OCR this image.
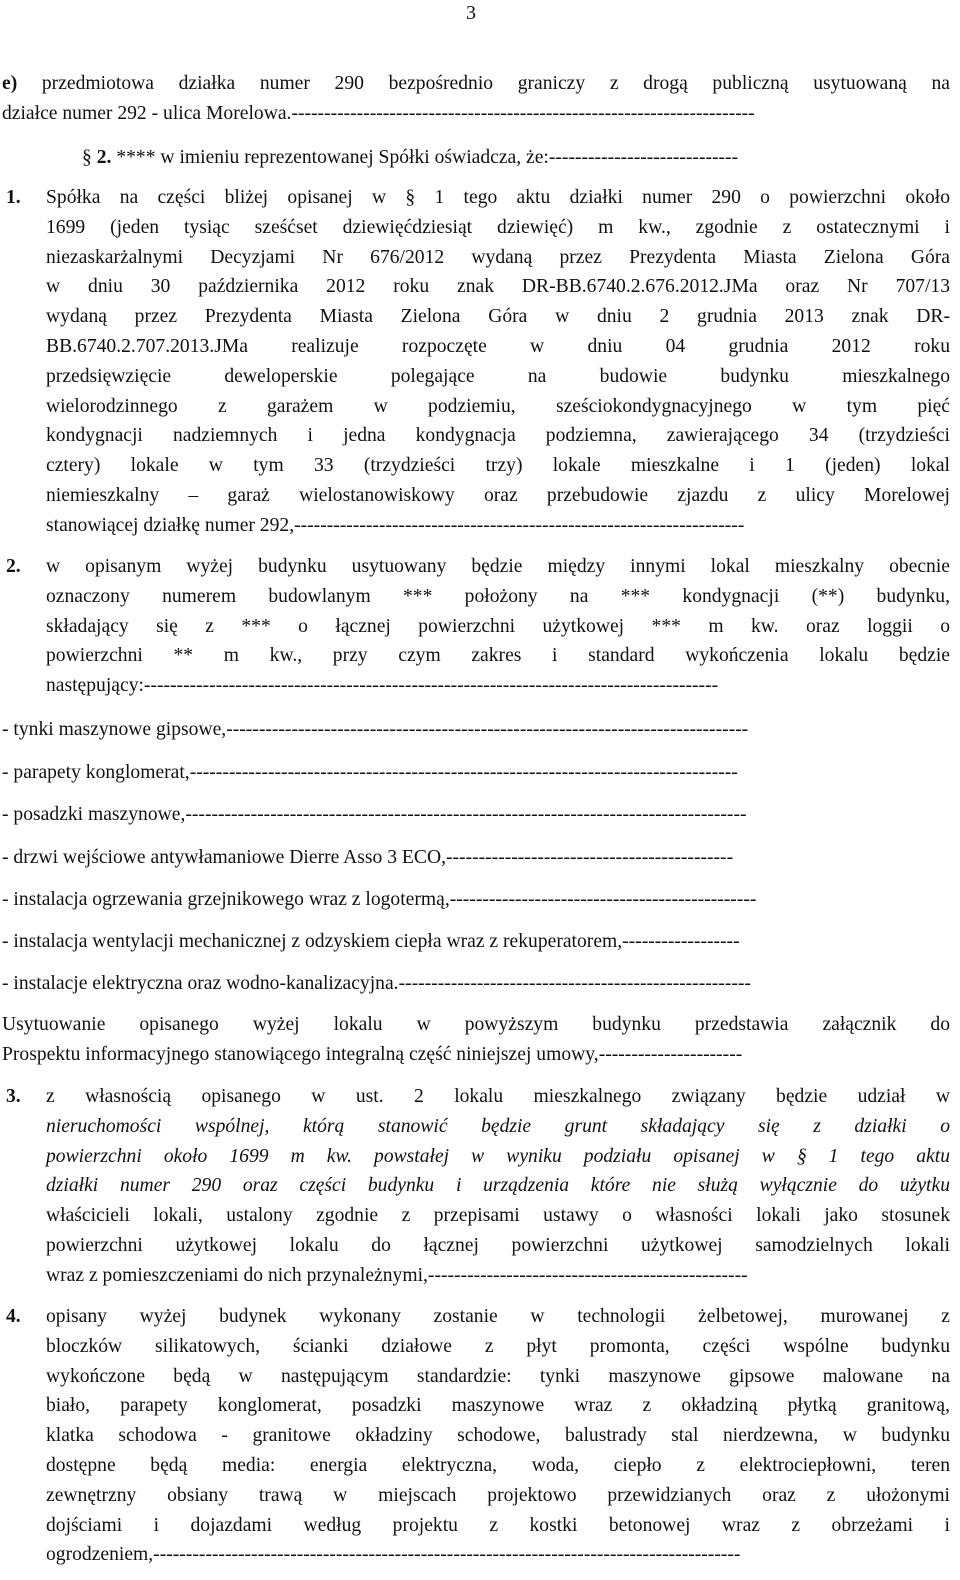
3
e) przedmiotowa działka numer 290 bezpośrednio graniczy z drogą publiczną usytuowaną na
działce numer 292 - ulica Morelowa.-----------------------------------------------------------------------
§ 2. **** w imieniu reprezentowanej Spółki oświadcza, że:-----------------------------
1. Spółka na części bliżej opisanej w § 1 tego aktu działki numer 290 o powierzchni około
1699 (jeden tysiąc sześćset dziewięćdziesiąt dziewięć) m kw., zgodnie z ostatecznymi i
niezaskarżalnymi Decyzjami Nr 676/2012 wydaną przez Prezydenta Miasta Zielona Góra
w dniu 30 października 2012 roku znak DR-BB.6740.2.676.2012.JMa oraz Nr 707/13
wydaną przez Prezydenta Miasta Zielona Góra w dniu 2 grudnia 2013 znak DR-
BB.6740.2.707.2013.JMa realizuje rozpoczęte w dniu 04 grudnia 2012 roku
przedsięwzięcie deweloperskie polegające na budowie budynku mieszkalnego
wielorodzinnego z garażem w podziemiu, sześciokondygnacyjnego w tym pięć
kondygnacji nadziemnych i jedna kondygnacja podziemna, zawierającego 34 (trzydzieści
cztery) lokale w tym 33 (trzydzieści trzy) lokale mieszkalne i 1 (jeden) lokal
niemieszkalny – garaż wielostanowiskowy oraz przebudowie zjazdu z ulicy Morelowej
stanowiącej działkę numer 292,---------------------------------------------------------------------
2. w opisanym wyżej budynku usytuowany będzie między innymi lokal mieszkalny obecnie
oznaczony numerem budowlanym *** położony na *** kondygnacji (**) budynku,
składający się z *** o łącznej powierzchni użytkowej *** m kw. oraz loggii o
powierzchni ** m kw., przy czym zakres i standard wykończenia lokalu będzie
następujący:----------------------------------------------------------------------------------------
- tynki maszynowe gipsowe,--------------------------------------------------------------------------------
- parapety konglomerat,------------------------------------------------------------------------------------
- posadzki maszynowe,--------------------------------------------------------------------------------------
- drzwi wejściowe antywłamaniowe Dierre Asso 3 ECO,--------------------------------------------
- instalacja ogrzewania grzejnikowego wraz z logotermą,-----------------------------------------------
- instalacja wentylacji mechanicznej z odzyskiem ciepła wraz z rekuperatorem,------------------
- instalacje elektryczna oraz wodno-kanalizacyjna.------------------------------------------------------
Usytuowanie opisanego wyżej lokalu w powyższym budynku przedstawia załącznik do
Prospektu informacyjnego stanowiącego integralną część niniejszej umowy,----------------------
3. z własnością opisanego w ust. 2 lokalu mieszkalnego związany będzie udział w
nieruchomości wspólnej, którą stanowić będzie grunt składający się z działki o
powierzchni około 1699 m kw. powstałej w wyniku podziału opisanej w § 1 tego aktu
działki numer 290 oraz części budynku i urządzenia które nie służą wyłącznie do użytku
właścicieli lokali, ustalony zgodnie z przepisami ustawy o własności lokali jako stosunek
powierzchni użytkowej lokalu do łącznej powierzchni użytkowej samodzielnych lokali
wraz z pomieszczeniami do nich przynależnymi,-------------------------------------------------
4. opisany wyżej budynek wykonany zostanie w technologii żelbetowej, murowanej z
bloczków silikatowych, ścianki działowe z płyt promonta, części wspólne budynku
wykończone będą w następującym standardzie: tynki maszynowe gipsowe malowane na
biało, parapety konglomerat, posadzki maszynowe wraz z okładziną płytką granitową,
klatka schodowa - granitowe okładziny schodowe, balustrady stal nierdzewna, w budynku
dostępne będą media: energia elektryczna, woda, ciepło z elektrociepłowni, teren
zewnętrzny obsiany trawą w miejscach projektowo przewidzianych oraz z ułożonymi
dojściami i dojazdami według projektu z kostki betonowej wraz z obrzeżami i
ogrodzeniem,------------------------------------------------------------------------------------------
